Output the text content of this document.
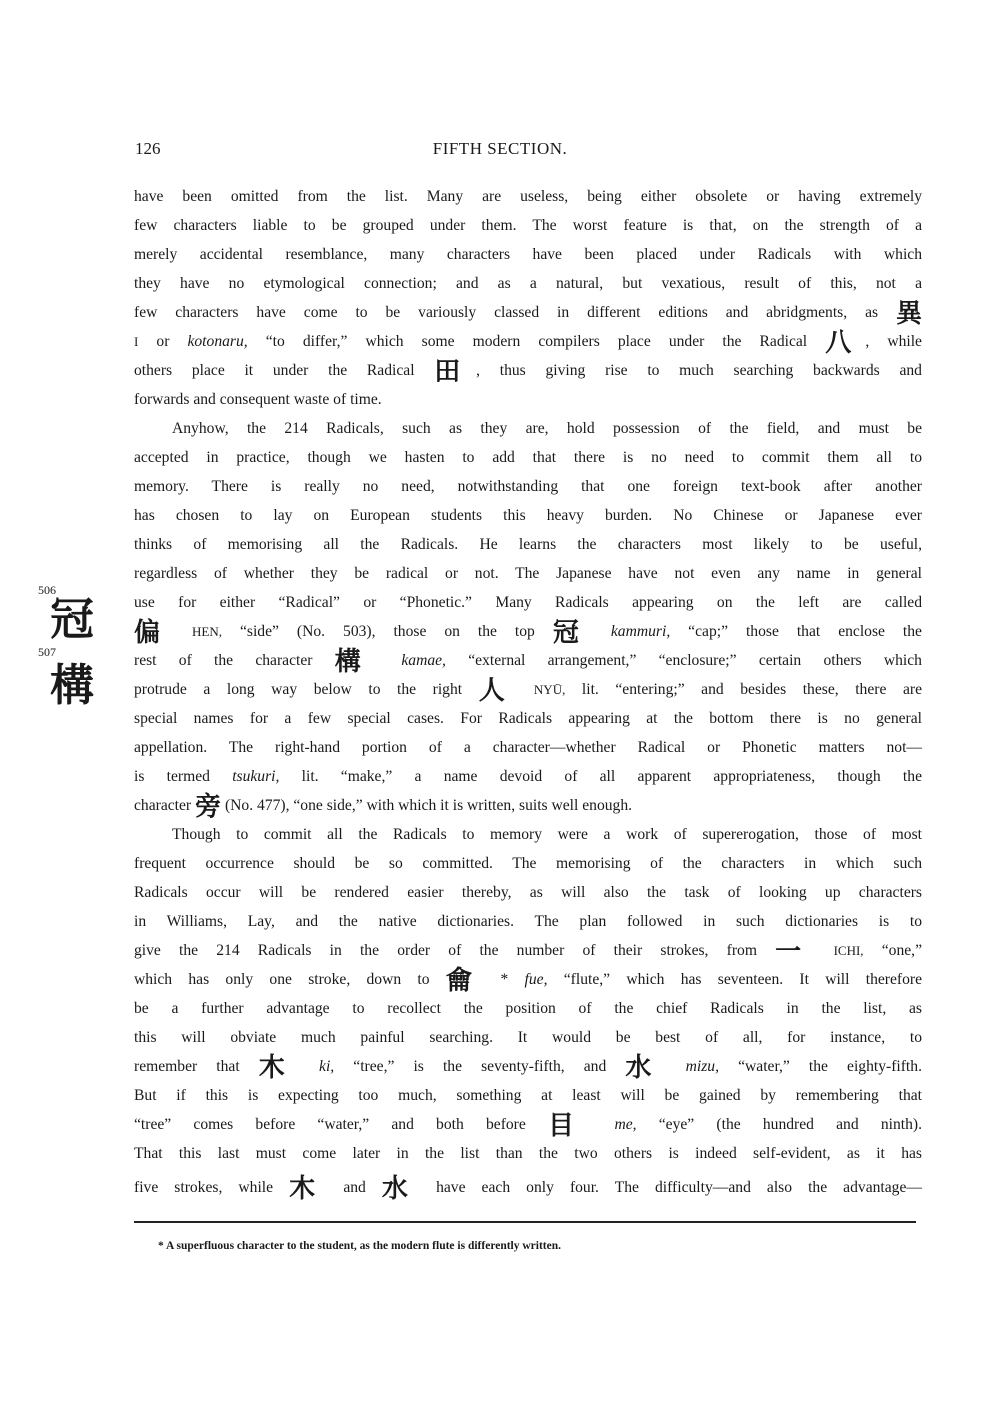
126	FIFTH SECTION.
506
冠
507
構
have been omitted from the list. Many are useless, being either obsolete or having extremely
few characters liable to be grouped under them. The worst feature is that, on the strength of a
merely accidental resemblance, many characters have been placed under Radicals with which
they have no etymological connection; and as a natural, but vexatious, result of this, not a
few characters have come to be variously classed in different editions and abridgments, as 異
I or kotonaru, “to differ,” which some modern compilers place under the Radical 八, while
others place it under the Radical 田, thus giving rise to much searching backwards and
forwards and consequent waste of time.
Anyhow, the 214 Radicals, such as they are, hold possession of the field, and must be
accepted in practice, though we hasten to add that there is no need to commit them all to
memory. There is really no need, notwithstanding that one foreign text-book after another
has chosen to lay on European students this heavy burden. No Chinese or Japanese ever
thinks of memorising all the Radicals. He learns the characters most likely to be useful,
regardless of whether they be radical or not. The Japanese have not even any name in general
use for either “Radical” or “Phonetic.” Many Radicals appearing on the left are called
偏 HEN, “side” (No. 503), those on the top 冠 kammuri, “cap;” those that enclose the
rest of the character 構 kamae, “external arrangement,” “enclosure;” certain others which
protrude a long way below to the right 人 NYŪ, lit. “entering;” and besides these, there are
special names for a few special cases. For Radicals appearing at the bottom there is no general
appellation. The right-hand portion of a character—whether Radical or Phonetic matters not—
is termed tsukuri, lit. “make,” a name devoid of all apparent appropriateness, though the
character 旁 (No. 477), “one side,” with which it is written, suits well enough.
Though to commit all the Radicals to memory were a work of supererogation, those of most
frequent occurrence should be so committed. The memorising of the characters in which such
Radicals occur will be rendered easier thereby, as will also the task of looking up characters
in Williams, Lay, and the native dictionaries. The plan followed in such dictionaries is to
give the 214 Radicals in the order of the number of their strokes, from 一 ICHI, “one,”
which has only one stroke, down to 龠 * fue, “flute,” which has seventeen. It will therefore
be a further advantage to recollect the position of the chief Radicals in the list, as
this will obviate much painful searching. It would be best of all, for instance, to
remember that 木 ki, “tree,” is the seventy-fifth, and 水 mizu, “water,” the eighty-fifth.
But if this is expecting too much, something at least will be gained by remembering that
“tree” comes before “water,” and both before 目 me, “eye” (the hundred and ninth).
That this last must come later in the list than the two others is indeed self-evident, as it has
five strokes, while 木 and 水 have each only four. The difficulty—and also the advantage—
* A superfluous character to the student, as the modern flute is differently written.
